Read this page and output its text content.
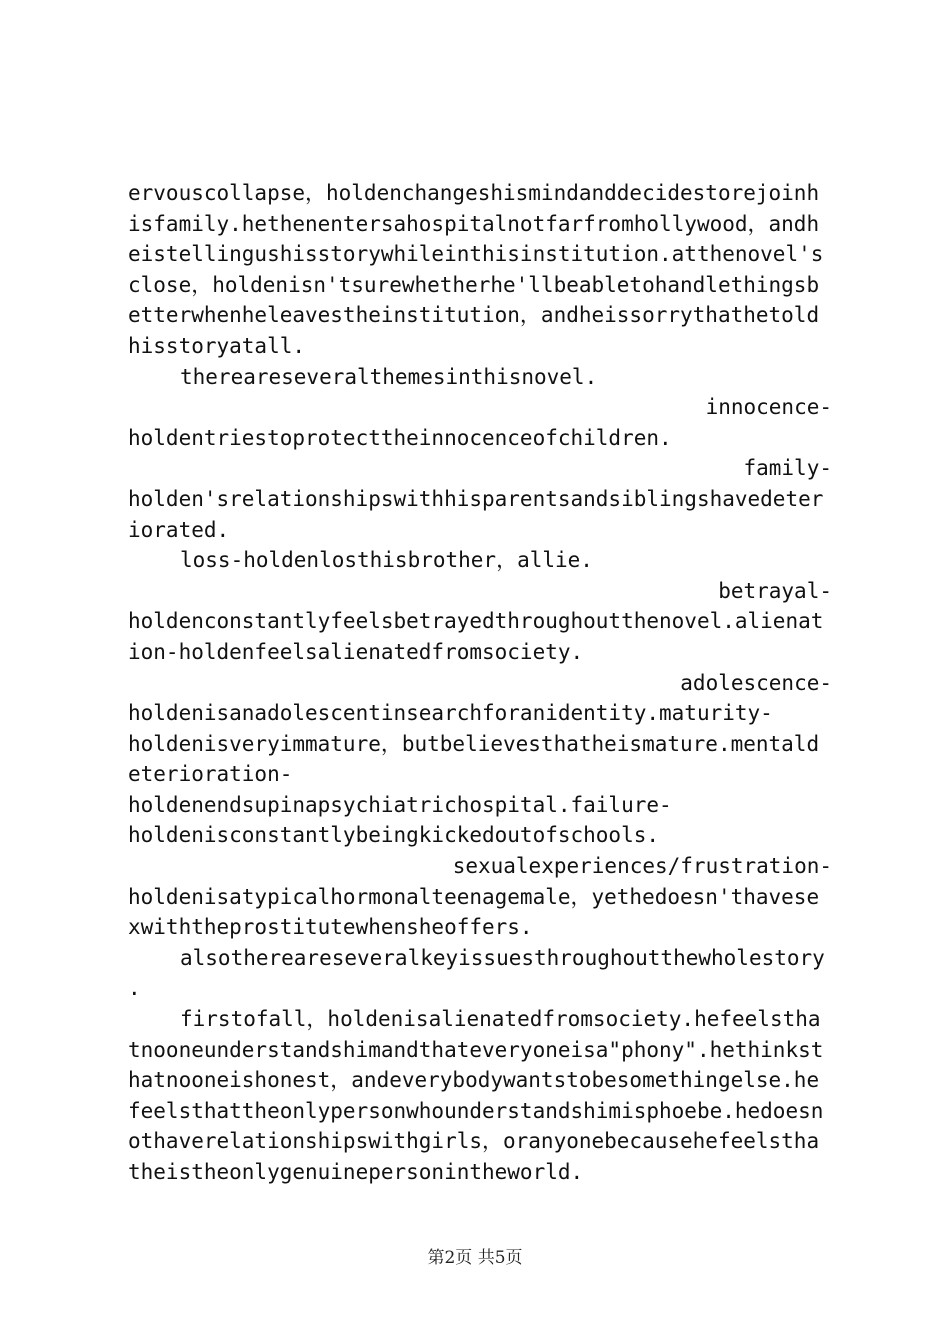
ervouscollapse，holdenchangeshismindanddecidestorejoinh
isfamily.hethenentersahospitalnotfarfromhollywood，andh
eistellingushisstorywhileinthisinstitution.atthenovel's
close，holdenisn'tsurewhetherhe'llbeabletohandlethingsb
etterwhenheleavestheinstitution，andheissorrythathetold
hisstoryatall.
thereareseveralthemesinthisnovel.
innocence-
holdentriestoprotecttheinnocenceofchildren.
family-
holden'srelationshipswithhisparentsandsiblingshavedeter
iorated.
loss-holdenlosthisbrother，allie.
betrayal-
holdenconstantlyfeelsbetrayedthroughoutthenovel.alienat
ion-holdenfeelsalienatedfromsociety.
adolescence-
holdenisanadolescentinsearchforanidentity.maturity-
holdenisveryimmature，butbelievesthatheismature.mentald
eterioration-
holdenendsupinapsychiatrichospital.failure-
holdenisconstantlybeingkickedoutofschools.
sexualexperiences/frustration-
holdenisatypicalhormonalteenagemale，yethedoesn'thavese
xwiththeprostitutewhensheoffers.
alsothereareseveralkeyissuesthroughoutthewholestory
.
firstofall，holdenisalienatedfromsociety.hefeelstha
tnooneunderstandshimandthateveryoneisa"phony".hethinkst
hatnooneishonest，andeverybodywantstobesomethingelse.he
feelsthattheonlypersonwhounderstandshimisphoebe.hedoesn
othaverelationshipswithgirls，oranyonebecausehefeelstha
theistheonlygenuinepersonintheworld.
第2页 共5页
